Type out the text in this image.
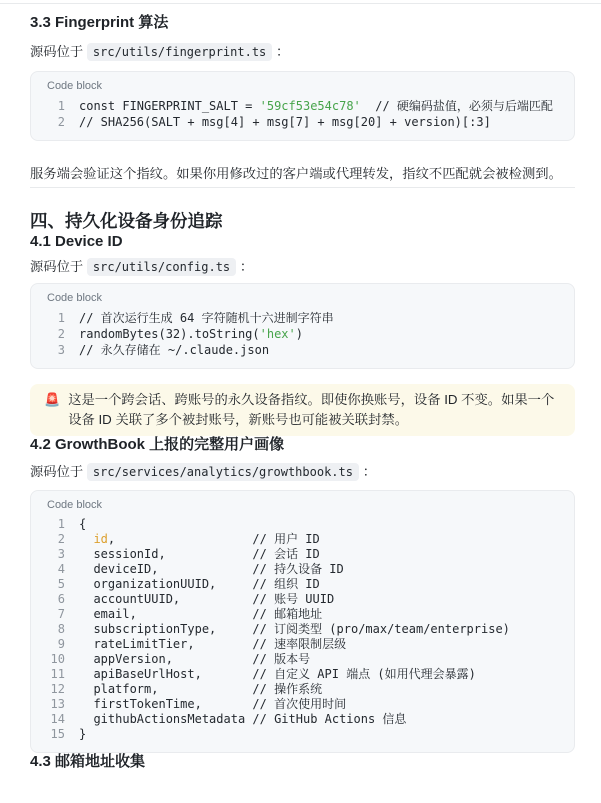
3.3 Fingerprint 算法
源码位于 src/utils/fingerprint.ts ：
Code block
1 const FINGERPRINT_SALT = '59cf53e54c78'  // 硬编码盐值，必须与后端匹配
2 // SHA256(SALT + msg[4] + msg[7] + msg[20] + version)[:3]
服务端会验证这个指纹。如果你用修改过的客户端或代理转发，指纹不匹配就会被检测到。
四、持久化设备身份追踪
4.1 Device ID
源码位于 src/utils/config.ts ：
Code block
1 // 首次运行生成 64 字符随机十六进制字符串
2 randomBytes(32).toString('hex')
3 // 永久存储在 ~/.claude.json
🚨 这是一个跨会话、跨账号的永久设备指纹。即使你换账号，设备 ID 不变。如果一个设备 ID 关联了多个被封账号，新账号也可能被关联封禁。
4.2 GrowthBook 上报的完整用户画像
源码位于 src/services/analytics/growthbook.ts ：
Code block
1 {
2	id,                   // 用户 ID
3 sessionId,            // 会话 ID
4 deviceID,             // 持久设备 ID
5 organizationUUID,     // 组织 ID
6 accountUUID,          // 账号 UUID
7 email,                // 邮箱地址
8 subscriptionType,     // 订阅类型 (pro/max/team/enterprise)
9 rateLimitTier,        // 速率限制层级
10 appVersion,           // 版本号
11 apiBaseUrlHost,       // 自定义 API 端点 (如用代理会暴露)
12 platform,             // 操作系统
13 firstTokenTime,       // 首次使用时间
14 githubActionsMetadata // GitHub Actions 信息
15 }
4.3 邮箱地址收集
